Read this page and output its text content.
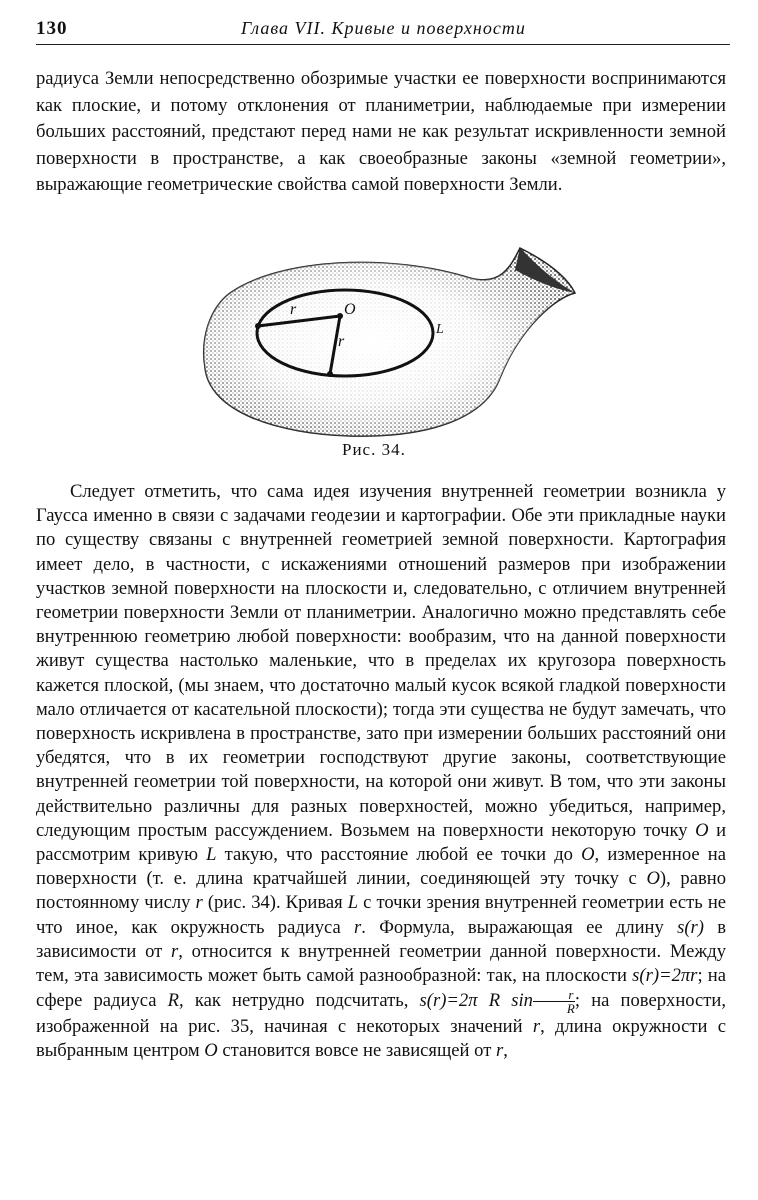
130	Глава VII. Кривые и поверхности
радиуса Земли непосредственно обозримые участки ее поверхности воспринимаются как плоские, и потому отклонения от планиметрии, наблюдаемые при измерении больших расстояний, предстают перед нами не как результат искривленности земной поверхности в пространстве, а как своеобразные законы «земной геометрии», выражающие геометрические свойства самой поверхности Земли.
r	O
r
L
Рис. 34.
Следует отметить, что сама идея изучения внутренней геометрии возникла у Гаусса именно в связи с задачами геодезии и картографии. Обе эти прикладные науки по существу связаны с внутренней геометрией земной поверхности. Картография имеет дело, в частности, с искажениями отношений размеров при изображении участков земной поверхности на плоскости и, следовательно, с отличием внутренней геометрии поверхности Земли от планиметрии. Аналогично можно представлять себе внутреннюю геометрию любой поверхности: вообразим, что на данной поверхности живут существа настолько маленькие, что в пределах их кругозора поверхность кажется плоской, (мы знаем, что достаточно малый кусок всякой гладкой поверхности мало отличается от касательной плоскости); тогда эти существа не будут замечать, что поверхность искривлена в пространстве, зато при измерении больших расстояний они убедятся, что в их геометрии господствуют другие законы, соответствующие внутренней геометрии той поверхности, на которой они живут. В том, что эти законы действительно различны для разных поверхностей, можно убедиться, например, следующим простым рассуждением. Возьмем на поверхности некоторую точку O и рассмотрим кривую L такую, что расстояние любой ее точки до O, измеренное на поверхности (т. е. длина кратчайшей линии, соединяющей эту точку с O), равно постоянному числу r (рис. 34). Кривая L с точки зрения внутренней геометрии есть не что иное, как окружность радиуса r. Формула, выражающая ее длину s(r) в зависимости от r, относится к внутренней геометрии данной поверхности. Между тем, эта зависимость может быть самой разнообразной: так, на плоскости s(r)=2πr; на сфере радиуса R, как нетрудно подсчитать, s(r)=2π R $\sin \frac{r}{R}$ ; на поверхности, изображенной на рис. 35, начиная с некоторых значений r, длина окружности с выбранным центром O становится вовсе не зависящей от r,
